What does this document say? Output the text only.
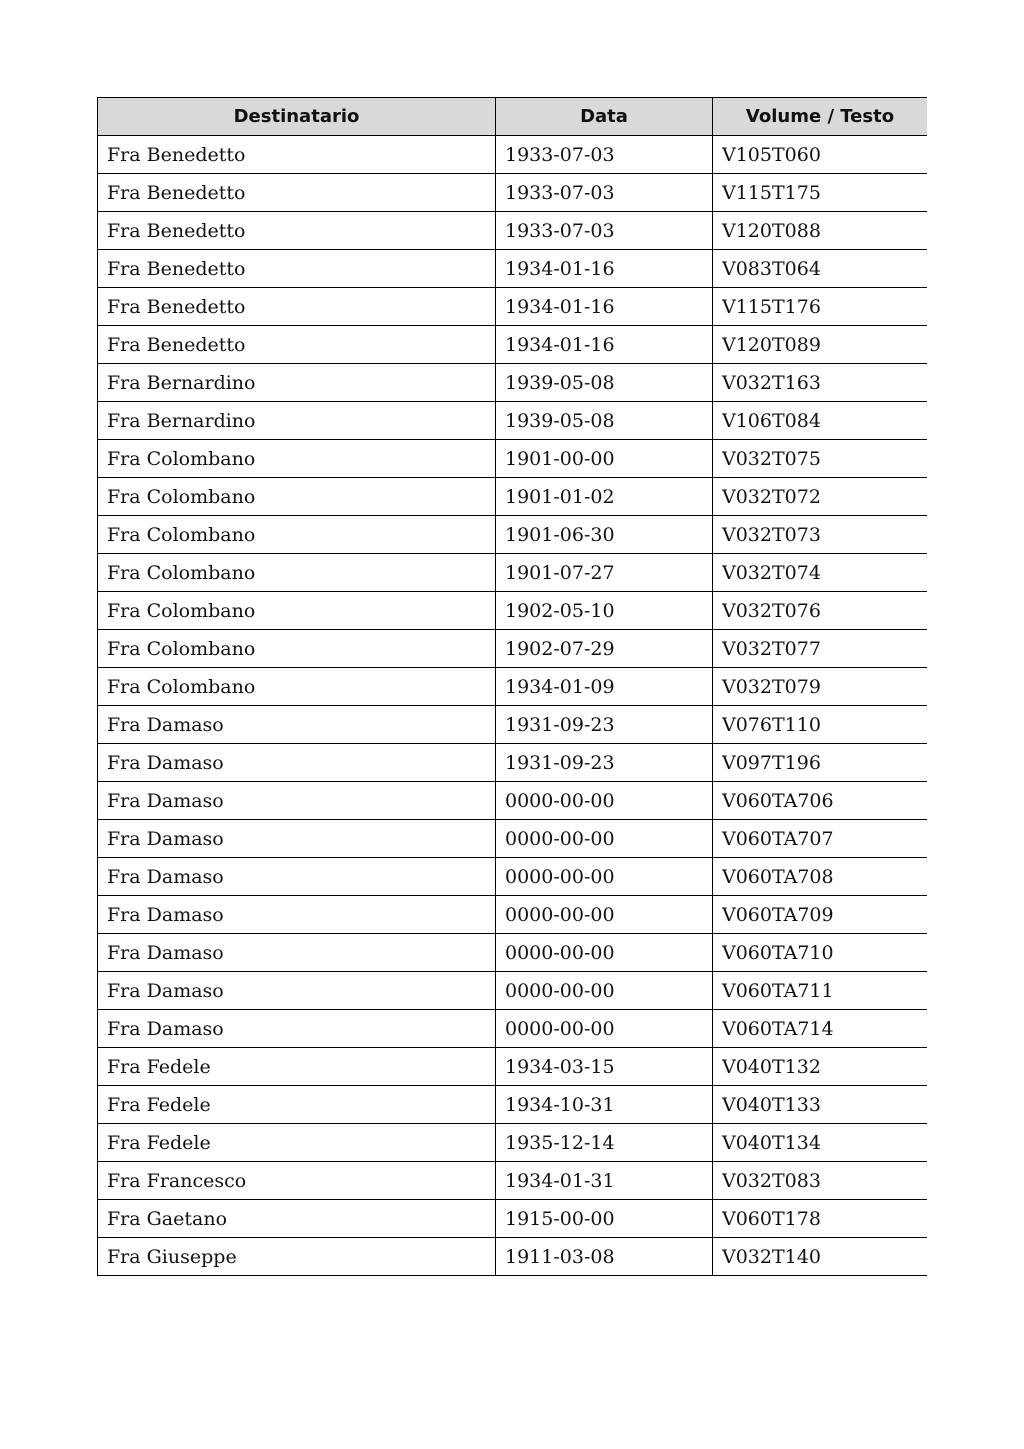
Destinatario	Data	Volume / Testo
Fra Benedetto	1933-07-03	V105T060
Fra Benedetto	1933-07-03	V115T175
Fra Benedetto	1933-07-03	V120T088
Fra Benedetto	1934-01-16	V083T064
Fra Benedetto	1934-01-16	V115T176
Fra Benedetto	1934-01-16	V120T089
Fra Bernardino	1939-05-08	V032T163
Fra Bernardino	1939-05-08	V106T084
Fra Colombano	1901-00-00	V032T075
Fra Colombano	1901-01-02	V032T072
Fra Colombano	1901-06-30	V032T073
Fra Colombano	1901-07-27	V032T074
Fra Colombano	1902-05-10	V032T076
Fra Colombano	1902-07-29	V032T077
Fra Colombano	1934-01-09	V032T079
Fra Damaso	1931-09-23	V076T110
Fra Damaso	1931-09-23	V097T196
Fra Damaso	0000-00-00	V060TA706
Fra Damaso	0000-00-00	V060TA707
Fra Damaso	0000-00-00	V060TA708
Fra Damaso	0000-00-00	V060TA709
Fra Damaso	0000-00-00	V060TA710
Fra Damaso	0000-00-00	V060TA711
Fra Damaso	0000-00-00	V060TA714
Fra Fedele	1934-03-15	V040T132
Fra Fedele	1934-10-31	V040T133
Fra Fedele	1935-12-14	V040T134
Fra Francesco	1934-01-31	V032T083
Fra Gaetano	1915-00-00	V060T178
Fra Giuseppe	1911-03-08	V032T140
